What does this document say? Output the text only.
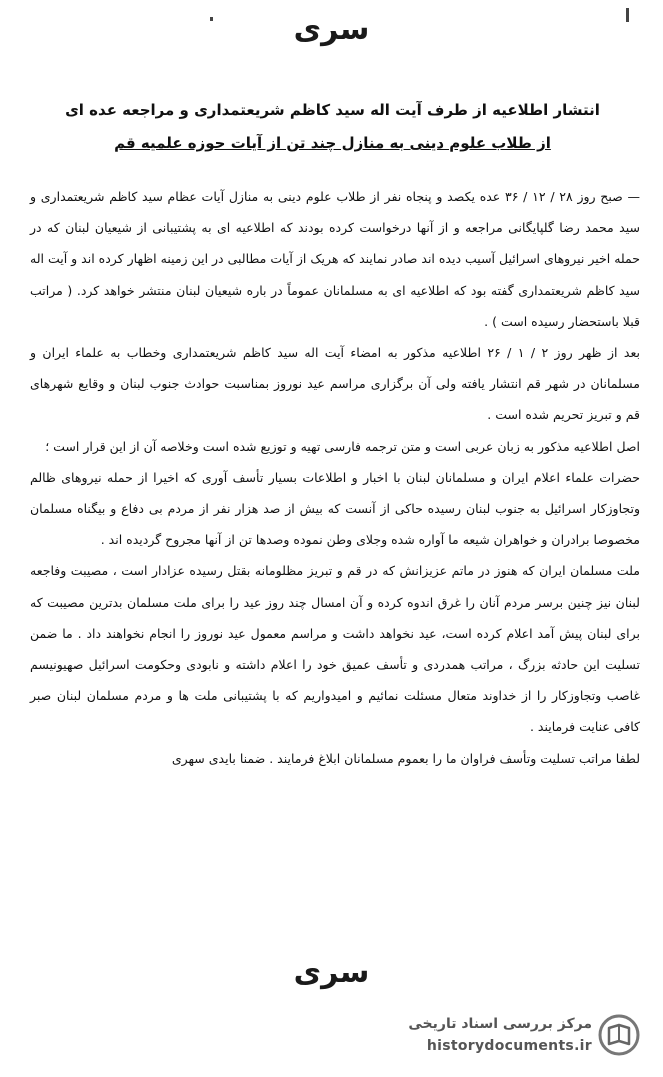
سری
انتشار اطلاعیه از طرف آیت اله سید کاظم شریعتمداری و مراجعه عده ای
از طلاب علوم دینی به منازل چند تن از آیات حوزه علمیه قم

— صبح روز ۲۸ / ۱۲ / ۳۶ عده یکصد و پنجاه نفر از طلاب علوم دینی به منازل آیات عظام سید کاظم شریعتمداری و سید محمد رضا گلپایگانی مراجعه و از آنها درخواست کرده بودند که اطلاعیه ای به پشتیبانی از شیعیان لبنان که در حمله اخیر نیروهای اسرائیل آسیب دیده اند صادر نمایند که هریک از آیات مطالبی در این زمینه اظهار کرده اند و آیت اله سید کاظم شریعتمداری گفته بود که اطلاعیه ای به مسلمانان عموماً در باره شیعیان لبنان منتشر خواهد کرد. ( مراتب قبلا باستحضار رسیده است ) .

بعد از ظهر روز ۲ / ۱ / ۲۶ اطلاعیه مذکور به امضاء آیت اله سید کاظم شریعتمداری وخطاب به علماء ایران و مسلمانان در شهر قم انتشار یافته ولی آن برگزاری مراسم عید نوروز بمناسبت حوادث جنوب لبنان و وقایع شهرهای قم و تبریز تحریم شده است .

اصل اطلاعیه مذکور به زبان عربی است و متن ترجمه فارسی تهیه و توزیع شده است وخلاصه آن از این قرار است ؛

حضرات علماء اعلام ایران و مسلمانان لبنان با اخبار و اطلاعات بسیار تأسف آوری که اخیرا از حمله نیروهای ظالم وتجاوزکار اسرائیل به جنوب لبنان رسیده حاکی از آنست که بیش از صد هزار نفر از مردم بی دفاع و بیگناه مسلمان مخصوصا برادران و خواهران شیعه ما آواره شده وجلای وطن نموده وصدها تن از آنها مجروح گردیده اند .

ملت مسلمان ایران که هنوز در ماتم عزیزانش که در قم و تبریز مظلومانه بقتل رسیده عزادار است ، مصیبت وفاجعه لبنان نیز چنین برسر مردم آنان را غرق اندوه کرده و آن امسال چند روز عید را برای ملت مسلمان بدترین مصیبت که برای لبنان پیش آمد اعلام کرده است، عید نخواهد داشت و مراسم معمول عید نوروز را انجام نخواهند داد . ما ضمن تسلیت این حادثه بزرگ ، مراتب همدردی و تأسف عمیق خود را اعلام داشته و نابودی وحکومت اسرائیل صهیونیسم غاصب وتجاوزکار را از خداوند متعال مسئلت نمائیم و امیدواریم که با پشتیبانی ملت ها و مردم مسلمان لبنان صبر کافی عنایت فرمایند .

لطفا مراتب تسلیت وتأسف فراوان ما را بعموم مسلمانان ابلاغ فرمایند . ضمنا بایدی سهری

سری
مرکز بررسی اسناد تاریخی
historydocuments.ir
